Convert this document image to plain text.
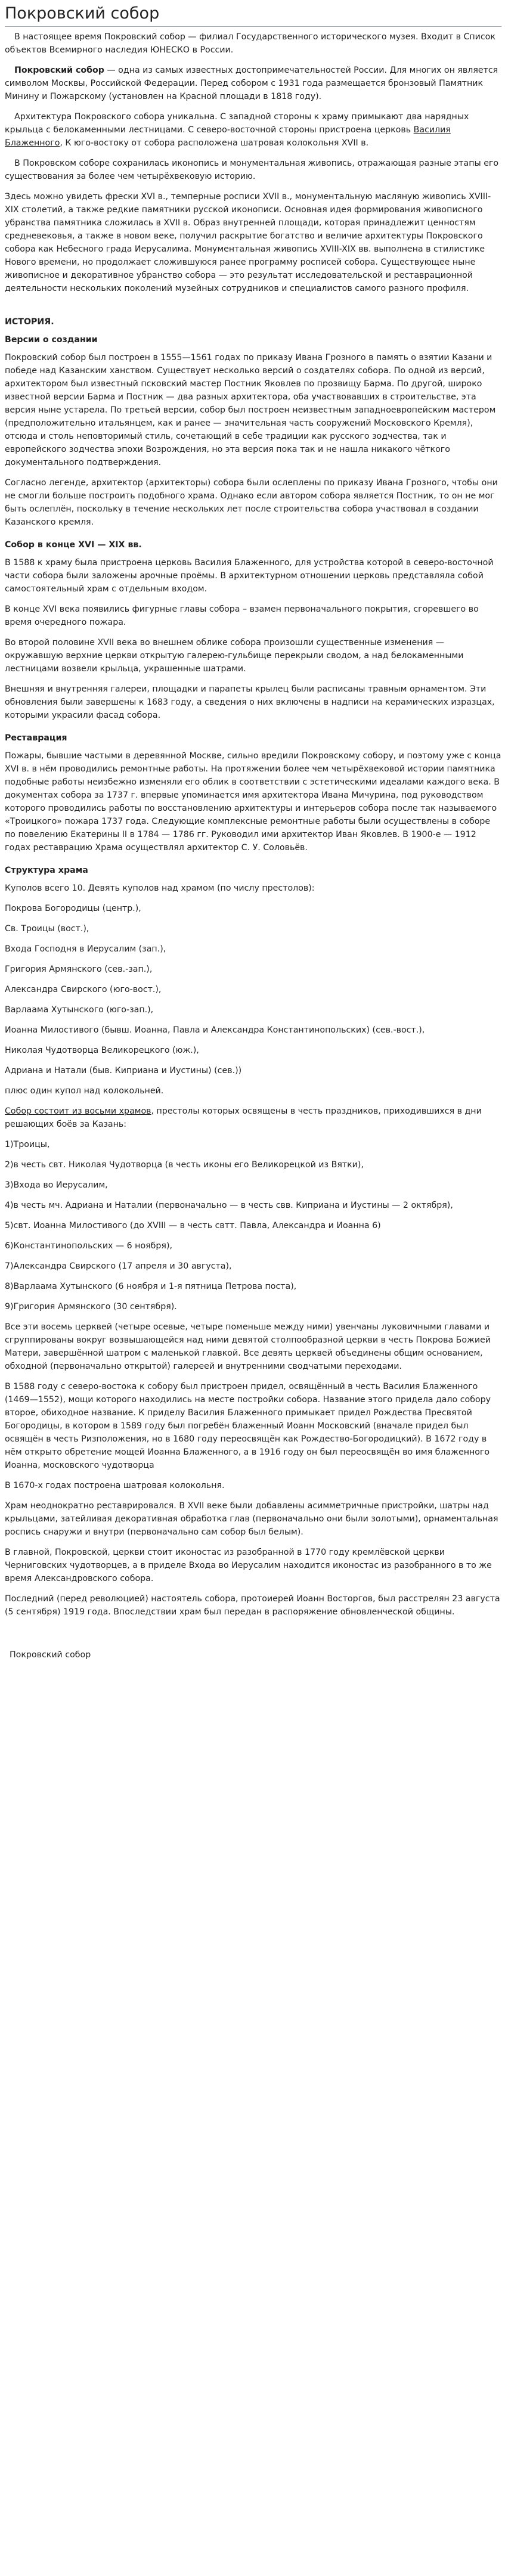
Покровский собор

В настоящее время Покровский собор — филиал Государственного исторического музея. Входит в Список объектов Всемирного наследия ЮНЕСКО в России.

Покровский собор — одна из самых известных достопримечательностей России. Для многих он является символом Москвы, Российской Федерации. Перед собором с 1931 года размещается бронзовый Памятник Минину и Пожарскому (установлен на Красной площади в 1818 году).

Архитектура Покровского собора уникальна. С западной стороны к храму примыкают два нарядных крыльца с белокаменными лестницами. С северо-восточной стороны пристроена церковь Василия Блаженного, К юго-востоку от собора расположена шатровая колокольня XVII в.

В Покровском соборе сохранилась иконопись и монументальная живопись, отражающая разные этапы его существования за более чем четырёхвековую историю.

Здесь можно увидеть фрески XVI в., темперные росписи XVII в., монументальную масляную живопись XVIII-XIX столетий, а также редкие памятники русской иконописи. Основная идея формирования живописного убранства памятника сложилась в XVII в. Образ внутренней площади, которая принадлежит ценностям средневековья, а также в новом веке, получил раскрытие богатство и величие архитектуры Покровского собора как Небесного града Иерусалима. Монументальная живопись XVIII-XIX вв. выполнена в стилистике Нового времени, но продолжает сложившуюся ранее программу росписей собора. Существующее ныне живописное и декоративное убранство собора — это результат исследовательской и реставрационной деятельности нескольких поколений музейных сотрудников и специалистов самого разного профиля.

ИСТОРИЯ.
Версии о создании

Покровский собор был построен в 1555—1561 годах по приказу Ивана Грозного в память о взятии Казани и победе над Казанским ханством. Существует несколько версий о создателях собора. По одной из версий, архитектором был известный псковский мастер Постник Яковлев по прозвищу Барма. По другой, широко известной версии Барма и Постник — два разных архитектора, оба участвовавших в строительстве, эта версия ныне устарела. По третьей версии, собор был построен неизвестным западноевропейским мастером (предположительно итальянцем, как и ранее — значительная часть сооружений Московского Кремля), отсюда и столь неповторимый стиль, сочетающий в себе традиции как русского зодчества, так и европейского зодчества эпохи Возрождения, но эта версия пока так и не нашла никакого чёткого документального подтверждения.

Согласно легенде, архитектор (архитекторы) собора были ослеплены по приказу Ивана Грозного, чтобы они не смогли больше построить подобного храма. Однако если автором собора является Постник, то он не мог быть ослеплён, поскольку в течение нескольких лет после строительства собора участвовал в создании Казанского кремля.

Собор в конце XVI — XIX вв.

В 1588 к храму была пристроена церковь Василия Блаженного, для устройства которой в северо-восточной части собора были заложены арочные проёмы. В архитектурном отношении церковь представляла собой самостоятельный храм с отдельным входом.

В конце XVI века появились фигурные главы собора – взамен первоначального покрытия, сгоревшего во время очередного пожара.

Во второй половине XVII века во внешнем облике собора произошли существенные изменения — окружавшую верхние церкви открытую галерею-гульбище перекрыли сводом, а над белокаменными лестницами возвели крыльца, украшенные шатрами.

Внешняя и внутренняя галереи, площадки и парапеты крылец были расписаны травным орнаментом. Эти обновления были завершены к 1683 году, а сведения о них включены в надписи на керамических изразцах, которыми украсили фасад собора.

Реставрация

Пожары, бывшие частыми в деревянной Москве, сильно вредили Покровскому собору, и поэтому уже с конца XVI в. в нём проводились ремонтные работы. На протяжении более чем четырёхвековой истории памятника подобные работы неизбежно изменяли его облик в соответствии с эстетическими идеалами каждого века. В документах собора за 1737 г. впервые упоминается имя архитектора Ивана Мичурина, под руководством которого проводились работы по восстановлению архитектуры и интерьеров собора после так называемого «Троицкого» пожара 1737 года. Следующие комплексные ремонтные работы были осуществлены в соборе по повелению Екатерины II в 1784 — 1786 гг. Руководил ими архитектор Иван Яковлев. В 1900-е — 1912 годах реставрацию Храма осуществлял архитектор С. У. Соловьёв.

Структура храма

Куполов всего 10. Девять куполов над храмом (по числу престолов):

Покрова Богородицы (центр.),

Св. Троицы (вост.),

Входа Господня в Иерусалим (зап.),

Григория Армянского (сев.-зап.),

Александра Свирского (юго-вост.),

Варлаама Хутынского (юго-зап.),

Иоанна Милостивого (бывш. Иоанна, Павла и Александра Константинопольских) (сев.-вост.),

Николая Чудотворца Великорецкого (юж.),

Адриана и Натали (быв. Киприана и Иустины) (сев.))

плюс один купол над колокольней.

Собор состоит из восьми храмов, престолы которых освящены в честь праздников, приходившихся в дни решающих боёв за Казань:

1)Троицы,

2)в честь свт. Николая Чудотворца (в честь иконы его Великорецкой из Вятки),

3)Входа во Иерусалим,

4)в честь мч. Адриана и Наталии (первоначально — в честь свв. Киприана и Иустины — 2 октября),

5)свт. Иоанна Милостивого (до XVIII — в честь свтт. Павла, Александра и Иоанна 6)

6)Константинопольских — 6 ноября),

7)Александра Свирского (17 апреля и 30 августа),

8)Варлаама Хутынского (6 ноября и 1-я пятница Петрова поста),

9)Григория Армянского (30 сентября).

Все эти восемь церквей (четыре осевые, четыре поменьше между ними) увенчаны луковичными главами и сгруппированы вокруг возвышающейся над ними девятой столпообразной церкви в честь Покрова Божией Матери, завершённой шатром с маленькой главкой. Все девять церквей объединены общим основанием, обходной (первоначально открытой) галереей и внутренними сводчатыми переходами.

В 1588 году с северо-востока к собору был пристроен придел, освящённый в честь Василия Блаженного (1469—1552), мощи которого находились на месте постройки собора. Название этого придела дало собору второе, обиходное название. К приделу Василия Блаженного примыкает придел Рождества Пресвятой Богородицы, в котором в 1589 году был погребён блаженный Иоанн Московский (вначале придел был освящён в честь Ризположения, но в 1680 году переосвящён как Рождество-Богородицкий). В 1672 году в нём открыто обретение мощей Иоанна Блаженного, а в 1916 году он был переосвящён во имя блаженного Иоанна, московского чудотворца

В 1670-х годах построена шатровая колокольня.

Храм неоднократно реставрировался. В XVII веке были добавлены асимметричные пристройки, шатры над крыльцами, затейливая декоративная обработка глав (первоначально они были золотыми), орнаментальная роспись снаружи и внутри (первоначально сам собор был белым).

В главной, Покровской, церкви стоит иконостас из разобранной в 1770 году кремлёвской церкви Черниговских чудотворцев, а в приделе Входа во Иерусалим находится иконостас из разобранного в то же время Александровского собора.

Последний (перед революцией) настоятель собора, протоиерей Иоанн Восторгов, был расстрелян 23 августа (5 сентября) 1919 года. Впоследствии храм был передан в распоряжение обновленческой общины.

Покровский собор
